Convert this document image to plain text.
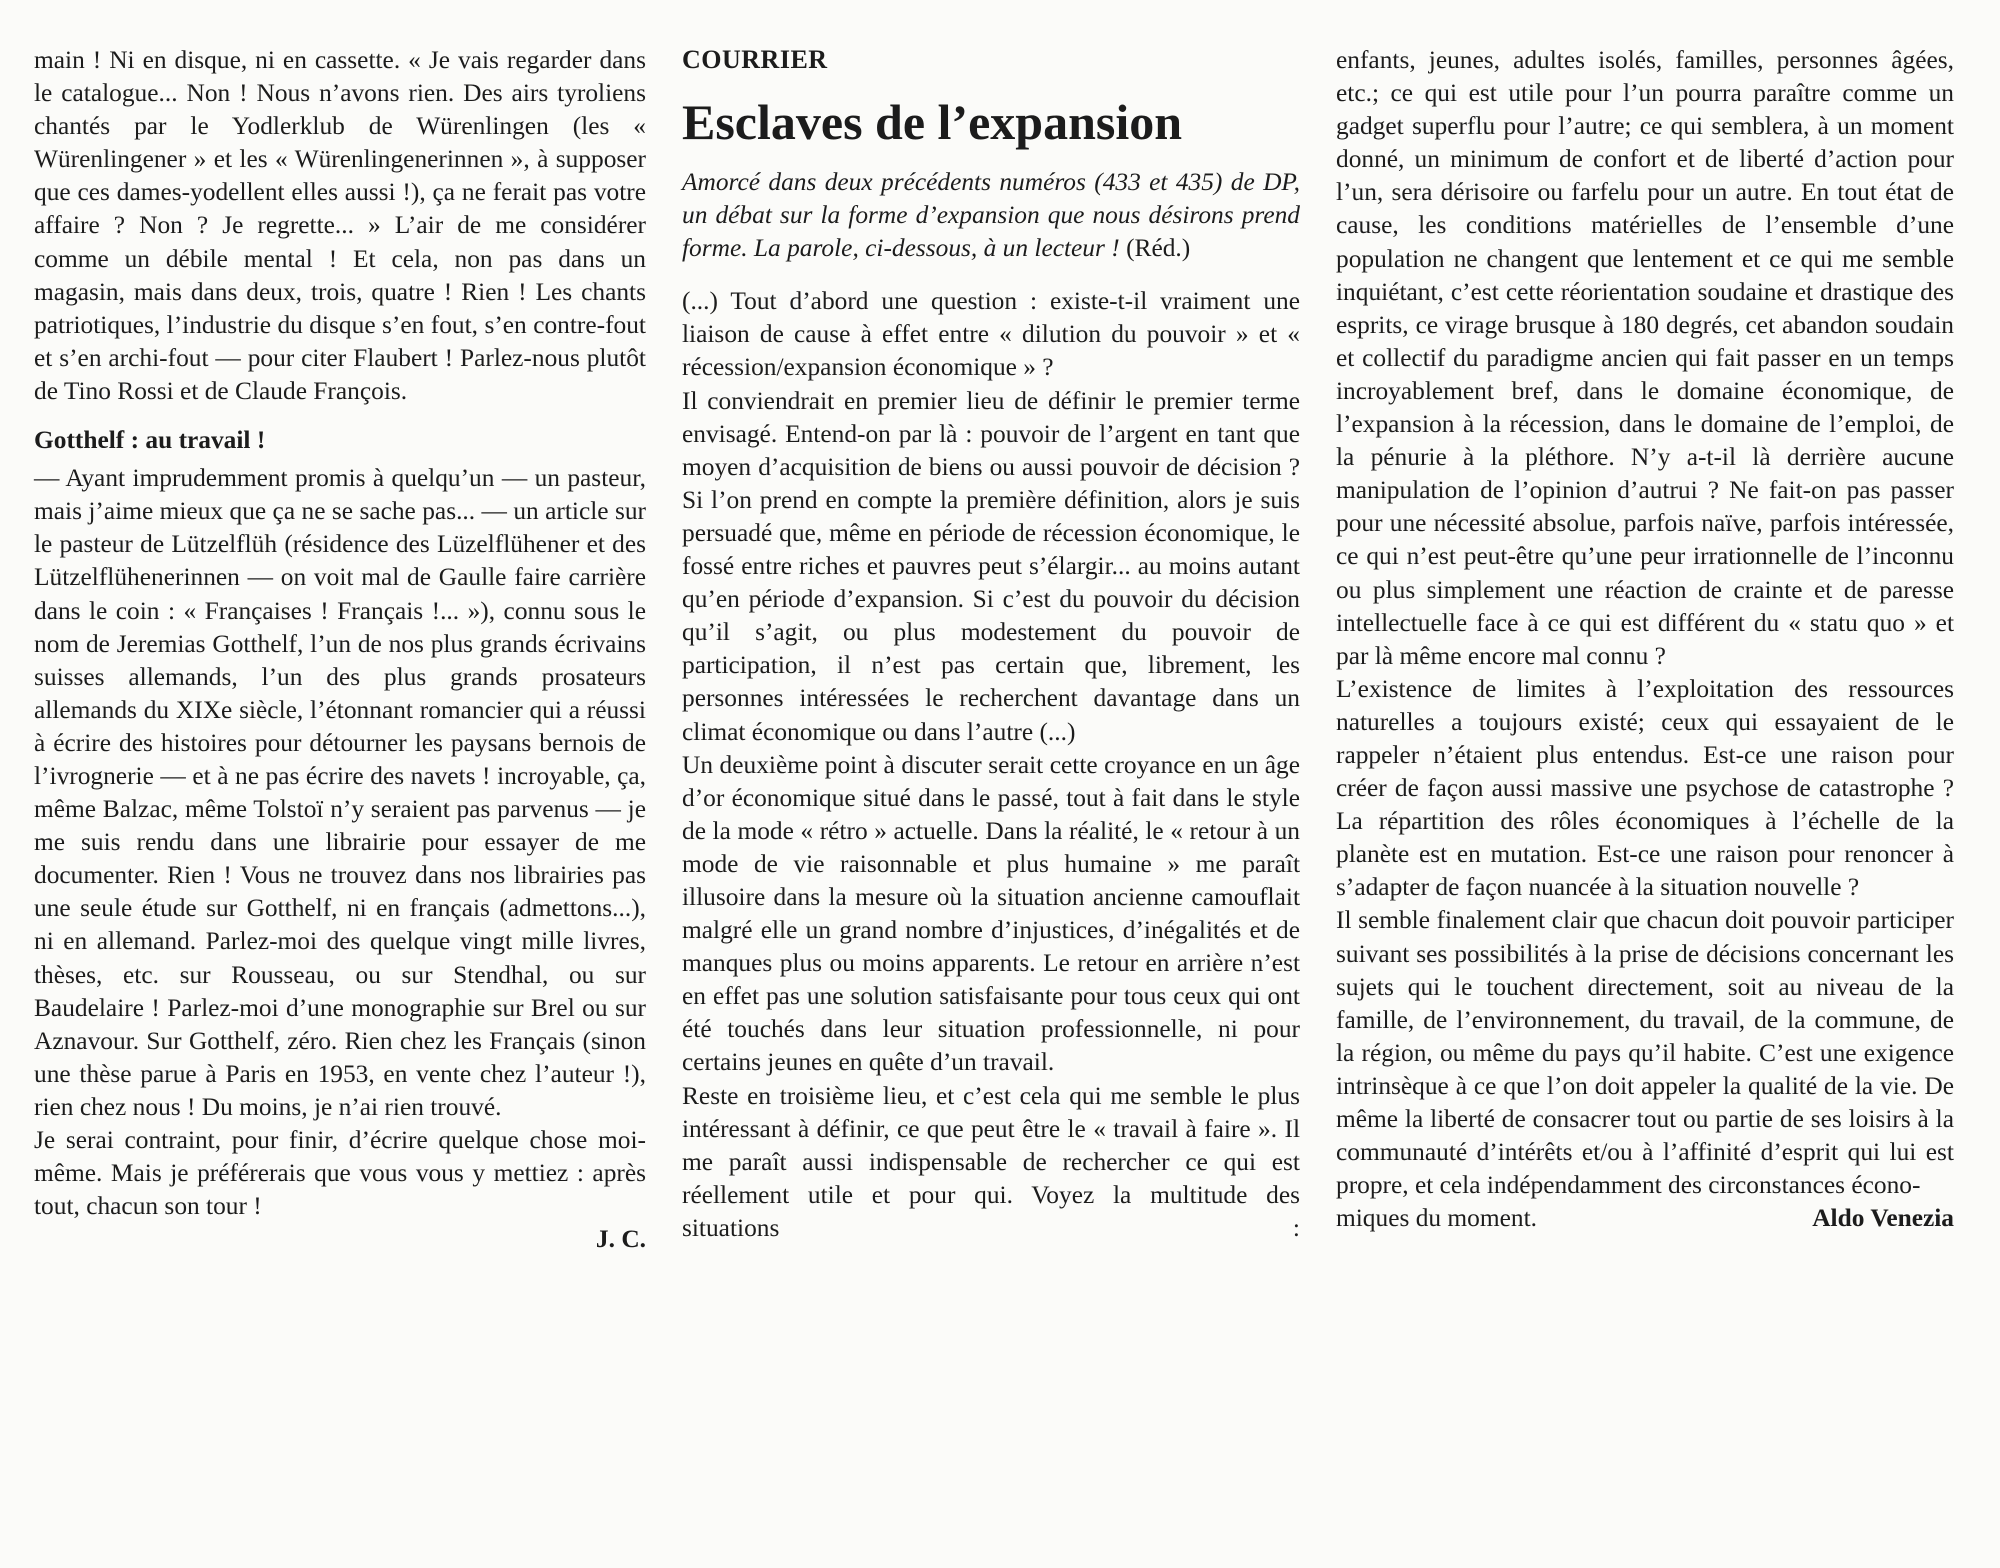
main ! Ni en disque, ni en cassette. « Je vais regarder dans le catalogue... Non ! Nous n’avons rien. Des airs tyroliens chantés par le Yodlerklub de Würenlingen (les « Würenlingener » et les « Würenlingenerinnen », à supposer que ces dames-yodellent elles aussi !), ça ne ferait pas votre affaire ? Non ? Je regrette... » L’air de me considérer comme un débile mental ! Et cela, non pas dans un magasin, mais dans deux, trois, quatre ! Rien ! Les chants patriotiques, l’industrie du disque s’en fout, s’en contre-fout et s’en archi-fout — pour citer Flaubert ! Parlez-nous plutôt de Tino Rossi et de Claude François.

Gotthelf : au travail !

— Ayant imprudemment promis à quelqu’un — un pasteur, mais j’aime mieux que ça ne se sache pas... — un article sur le pasteur de Lützelflüh (résidence des Lüzelflühener et des Lützelflühenerinnen — on voit mal de Gaulle faire carrière dans le coin : « Françaises ! Français !... »), connu sous le nom de Jeremias Gotthelf, l’un de nos plus grands écrivains suisses allemands, l’un des plus grands prosateurs allemands du XIXe siècle, l’étonnant romancier qui a réussi à écrire des histoires pour détourner les paysans bernois de l’ivrognerie — et à ne pas écrire des navets ! incroyable, ça, même Balzac, même Tolstoï n’y seraient pas parvenus — je me suis rendu dans une librairie pour essayer de me documenter. Rien ! Vous ne trouvez dans nos librairies pas une seule étude sur Gotthelf, ni en français (admettons...), ni en allemand. Parlez-moi des quelque vingt mille livres, thèses, etc. sur Rousseau, ou sur Stendhal, ou sur Baudelaire ! Parlez-moi d’une monographie sur Brel ou sur Aznavour. Sur Gotthelf, zéro. Rien chez les Français (sinon une thèse parue à Paris en 1953, en vente chez l’auteur !), rien chez nous ! Du moins, je n’ai rien trouvé.

Je serai contraint, pour finir, d’écrire quelque chose moi-même. Mais je préférerais que vous vous y mettiez : après tout, chacun son tour !

J. C.

COURRIER

Esclaves de l’expansion

Amorcé dans deux précédents numéros (433 et 435) de DP, un débat sur la forme d’expansion que nous désirons prend forme. La parole, ci-dessous, à un lecteur ! (Réd.)

(...) Tout d’abord une question : existe-t-il vraiment une liaison de cause à effet entre « dilution du pouvoir » et « récession/expansion économique » ?

Il conviendrait en premier lieu de définir le premier terme envisagé. Entend-on par là : pouvoir de l’argent en tant que moyen d’acquisition de biens ou aussi pouvoir de décision ? Si l’on prend en compte la première définition, alors je suis persuadé que, même en période de récession économique, le fossé entre riches et pauvres peut s’élargir... au moins autant qu’en période d’expansion. Si c’est du pouvoir du décision qu’il s’agit, ou plus modestement du pouvoir de participation, il n’est pas certain que, librement, les personnes intéressées le recherchent davantage dans un climat économique ou dans l’autre (...)

Un deuxième point à discuter serait cette croyance en un âge d’or économique situé dans le passé, tout à fait dans le style de la mode « rétro » actuelle. Dans la réalité, le « retour à un mode de vie raisonnable et plus humaine » me paraît illusoire dans la mesure où la situation ancienne camouflait malgré elle un grand nombre d’injustices, d’inégalités et de manques plus ou moins apparents. Le retour en arrière n’est en effet pas une solution satisfaisante pour tous ceux qui ont été touchés dans leur situation professionnelle, ni pour certains jeunes en quête d’un travail.

Reste en troisième lieu, et c’est cela qui me semble le plus intéressant à définir, ce que peut être le « travail à faire ». Il me paraît aussi indispensable de rechercher ce qui est réellement utile et pour qui. Voyez la multitude des situations :

enfants, jeunes, adultes isolés, familles, personnes âgées, etc.; ce qui est utile pour l’un pourra paraître comme un gadget superflu pour l’autre; ce qui semblera, à un moment donné, un minimum de confort et de liberté d’action pour l’un, sera dérisoire ou farfelu pour un autre. En tout état de cause, les conditions matérielles de l’ensemble d’une population ne changent que lentement et ce qui me semble inquiétant, c’est cette réorientation soudaine et drastique des esprits, ce virage brusque à 180 degrés, cet abandon soudain et collectif du paradigme ancien qui fait passer en un temps incroyablement bref, dans le domaine économique, de l’expansion à la récession, dans le domaine de l’emploi, de la pénurie à la pléthore. N’y a-t-il là derrière aucune manipulation de l’opinion d’autrui ? Ne fait-on pas passer pour une nécessité absolue, parfois naïve, parfois intéressée, ce qui n’est peut-être qu’une peur irrationnelle de l’inconnu ou plus simplement une réaction de crainte et de paresse intellectuelle face à ce qui est différent du « statu quo » et par là même encore mal connu ?

L’existence de limites à l’exploitation des ressources naturelles a toujours existé; ceux qui essayaient de le rappeler n’étaient plus entendus. Est-ce une raison pour créer de façon aussi massive une psychose de catastrophe ? La répartition des rôles économiques à l’échelle de la planète est en mutation. Est-ce une raison pour renoncer à s’adapter de façon nuancée à la situation nouvelle ?

Il semble finalement clair que chacun doit pouvoir participer suivant ses possibilités à la prise de décisions concernant les sujets qui le touchent directement, soit au niveau de la famille, de l’environnement, du travail, de la commune, de la région, ou même du pays qu’il habite. C’est une exigence intrinsèque à ce que l’on doit appeler la qualité de la vie. De même la liberté de consacrer tout ou partie de ses loisirs à la communauté d’intérêts et/ou à l’affinité d’esprit qui lui est propre, et cela indépendamment des circonstances écono-

miques du moment.	Aldo Venezia
